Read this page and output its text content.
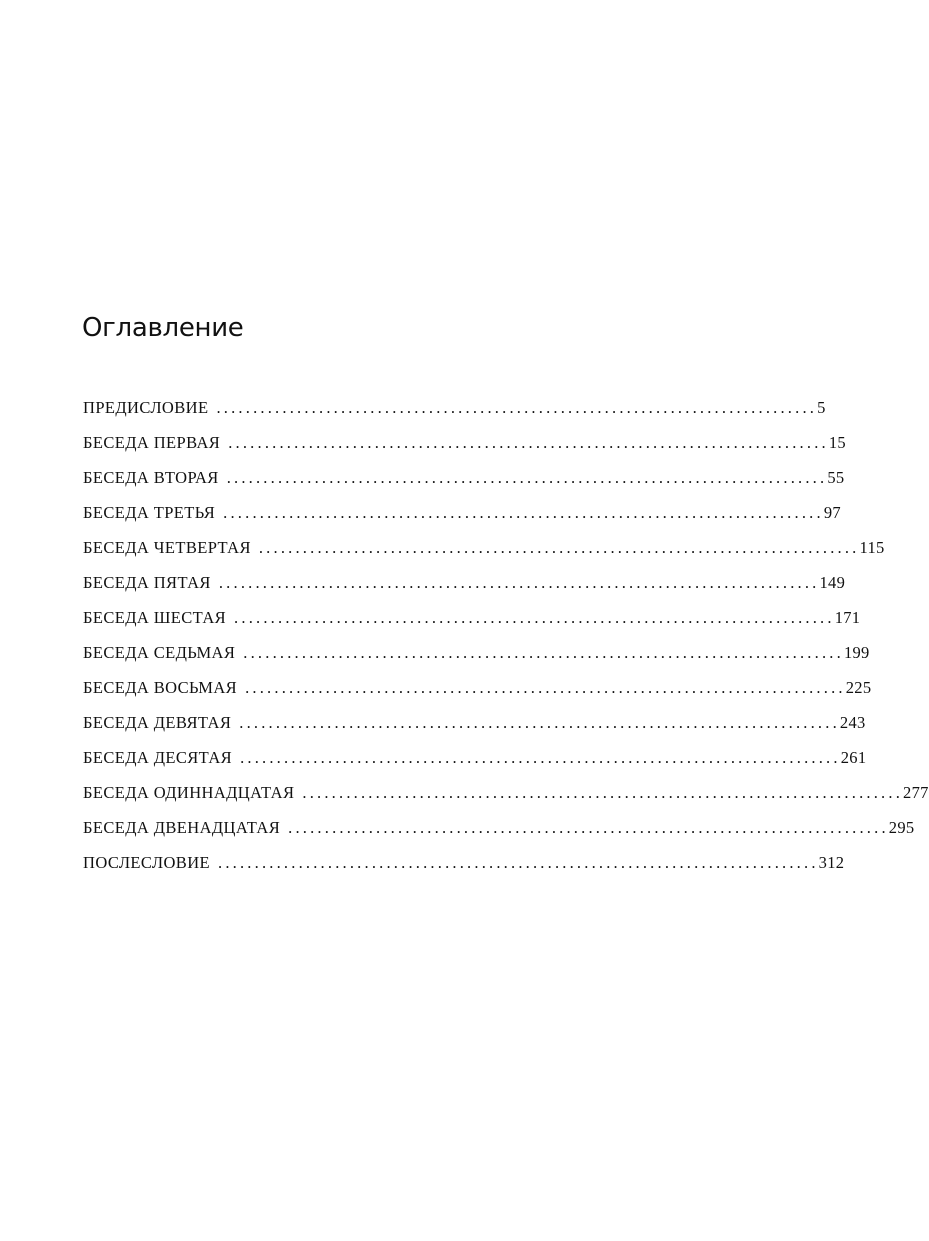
Оглавление
ПРЕДИСЛОВИЕ .................................................................................. 5
БЕСЕДА ПЕРВАЯ .................................................................................. 15
БЕСЕДА ВТОРАЯ .................................................................................. 55
БЕСЕДА ТРЕТЬЯ .................................................................................. 97
БЕСЕДА ЧЕТВЕРТАЯ .................................................................................. 115
БЕСЕДА ПЯТАЯ .................................................................................. 149
БЕСЕДА ШЕСТАЯ .................................................................................. 171
БЕСЕДА СЕДЬМАЯ .................................................................................. 199
БЕСЕДА ВОСЬМАЯ .................................................................................. 225
БЕСЕДА ДЕВЯТАЯ .................................................................................. 243
БЕСЕДА ДЕСЯТАЯ .................................................................................. 261
БЕСЕДА ОДИННАДЦАТАЯ .................................................................................. 277
БЕСЕДА ДВЕНАДЦАТАЯ .................................................................................. 295
ПОСЛЕСЛОВИЕ .................................................................................. 312
